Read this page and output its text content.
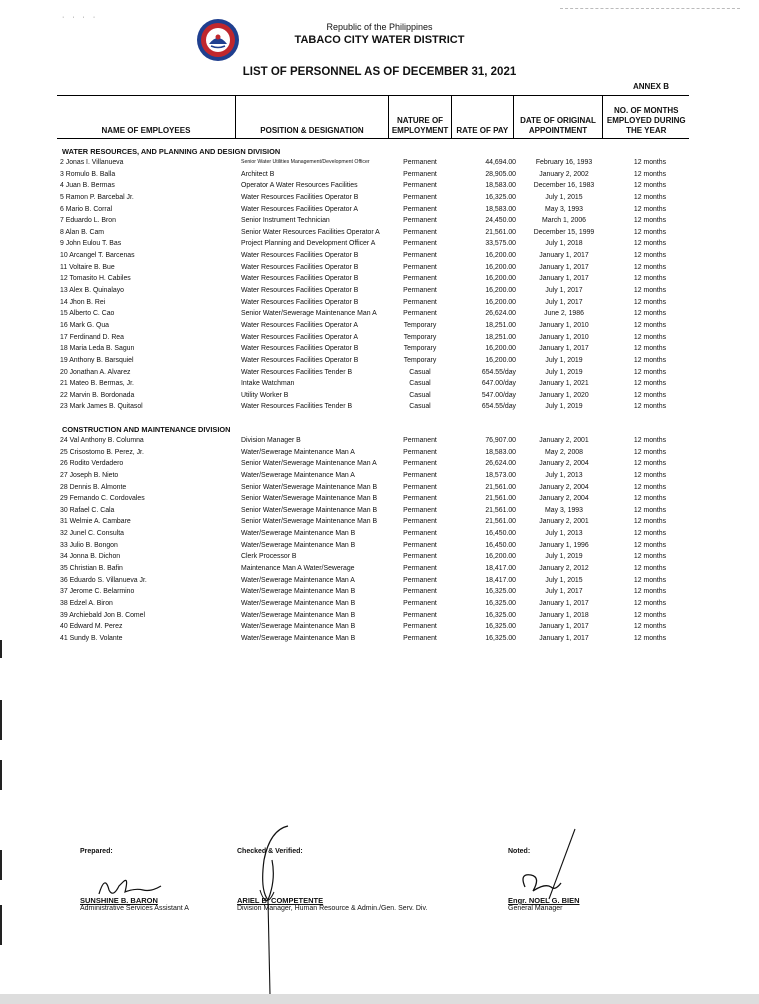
· · · ·
Republic of the Philippines
TABACO CITY WATER DISTRICT
LIST OF PERSONNEL AS OF DECEMBER 31, 2021
ANNEX B
NAME OF EMPLOYEES	POSITION & DESIGNATION	NATURE OF EMPLOYMENT	RATE OF PAY	DATE OF ORIGINAL APPOINTMENT	NO. OF MONTHS EMPLOYED DURING THE YEAR
WATER RESOURCES, AND PLANNING AND DESIGN DIVISION
2 Jonas I. Villanueva	Senior Water Utilities Management/Development Officer	Permanent	44,694.00	February 16, 1993	12 months
3 Romulo B. Balla	Architect B	Permanent	28,905.00	January 2, 2002	12 months
4 Juan B. Bermas	Operator A Water Resources Facilities	Permanent	18,583.00	December 16, 1983	12 months
5 Ramon P. Barcebal Jr.	Water Resources Facilities Operator B	Permanent	16,325.00	July 1, 2015	12 months
6 Mario B. Corral	Water Resources Facilities Operator A	Permanent	18,583.00	May 3, 1993	12 months
7 Eduardo L. Bron	Senior Instrument Technician	Permanent	24,450.00	March 1, 2006	12 months
8 Alan B. Cam	Senior Water Resources Facilities Operator A	Permanent	21,561.00	December 15, 1999	12 months
9 John Eulou T. Bas	Project Planning and Development Officer A	Permanent	33,575.00	July 1, 2018	12 months
10 Arcangel T. Barcenas	Water Resources Facilities Operator B	Permanent	16,200.00	January 1, 2017	12 months
11 Voltaire B. Bue	Water Resources Facilities Operator B	Permanent	16,200.00	January 1, 2017	12 months
12 Tomasito H. Cabiles	Water Resources Facilities Operator B	Permanent	16,200.00	January 1, 2017	12 months
13 Alex B. Quinalayo	Water Resources Facilities Operator B	Permanent	16,200.00	July 1, 2017	12 months
14 Jhon B. Rei	Water Resources Facilities Operator B	Permanent	16,200.00	July 1, 2017	12 months
15 Alberto C. Cao	Senior Water/Sewerage Maintenance Man A	Permanent	26,624.00	June 2, 1986	12 months
16 Mark G. Qua	Water Resources Facilities Operator A	Temporary	18,251.00	January 1, 2010	12 months
17 Ferdinand D. Rea	Water Resources Facilities Operator A	Temporary	18,251.00	January 1, 2010	12 months
18 Maria Leda B. Sagun	Water Resources Facilities Operator B	Temporary	16,200.00	January 1, 2017	12 months
19 Anthony B. Barsquiel	Water Resources Facilities Operator B	Temporary	16,200.00	July 1, 2019	12 months
20 Jonathan A. Alvarez	Water Resources Facilities Tender B	Casual	654.55/day	July 1, 2019	12 months
21 Mateo B. Bermas, Jr.	Intake Watchman	Casual	647.00/day	January 1, 2021	12 months
22 Marvin B. Bordonada	Utility Worker B	Casual	547.00/day	January 1, 2020	12 months
23 Mark James B. Quitasol	Water Resources Facilities Tender B	Casual	654.55/day	July 1, 2019	12 months
CONSTRUCTION AND MAINTENANCE DIVISION
24 Val Anthony B. Columna	Division Manager B	Permanent	76,907.00	January 2, 2001	12 months
25 Crisostomo B. Perez, Jr.	Water/Sewerage Maintenance Man A	Permanent	18,583.00	May 2, 2008	12 months
26 Rodito Verdadero	Senior Water/Sewerage Maintenance Man A	Permanent	26,624.00	January 2, 2004	12 months
27 Joseph B. Nieto	Water/Sewerage Maintenance Man A	Permanent	18,573.00	July 1, 2013	12 months
28 Dennis B. Almonte	Senior Water/Sewerage Maintenance Man B	Permanent	21,561.00	January 2, 2004	12 months
29 Fernando C. Cordovales	Senior Water/Sewerage Maintenance Man B	Permanent	21,561.00	January 2, 2004	12 months
30 Rafael C. Cala	Senior Water/Sewerage Maintenance Man B	Permanent	21,561.00	May 3, 1993	12 months
31 Welmie A. Cambare	Senior Water/Sewerage Maintenance Man B	Permanent	21,561.00	January 2, 2001	12 months
32 Junel C. Consulta	Water/Sewerage Maintenance Man B	Permanent	16,450.00	July 1, 2013	12 months
33 Julio B. Bongon	Water/Sewerage Maintenance Man B	Permanent	16,450.00	January 1, 1996	12 months
34 Jonna B. Dichon	Clerk Processor B	Permanent	16,200.00	July 1, 2019	12 months
35 Christian B. Bafin	Maintenance Man A Water/Sewerage	Permanent	18,417.00	January 2, 2012	12 months
36 Eduardo S. Villanueva Jr.	Water/Sewerage Maintenance Man A	Permanent	18,417.00	July 1, 2015	12 months
37 Jerome C. Belarmino	Water/Sewerage Maintenance Man B	Permanent	16,325.00	July 1, 2017	12 months
38 Edzel A. Biron	Water/Sewerage Maintenance Man B	Permanent	16,325.00	January 1, 2017	12 months
39 Archiebald Jon B. Comel	Water/Sewerage Maintenance Man B	Permanent	16,325.00	January 1, 2018	12 months
40 Edward M. Perez	Water/Sewerage Maintenance Man B	Permanent	16,325.00	January 1, 2017	12 months
41 Sundy B. Volante	Water/Sewerage Maintenance Man B	Permanent	16,325.00	January 1, 2017	12 months
Prepared:
SUNSHINE B. BARON
Administrative Services Assistant A
Checked & Verified:
ARIEL B. COMPETENTE
Division Manager, Human Resource & Admin./Gen. Serv. Div.
Noted:
Engr. NOEL G. BIEN
General Manager
